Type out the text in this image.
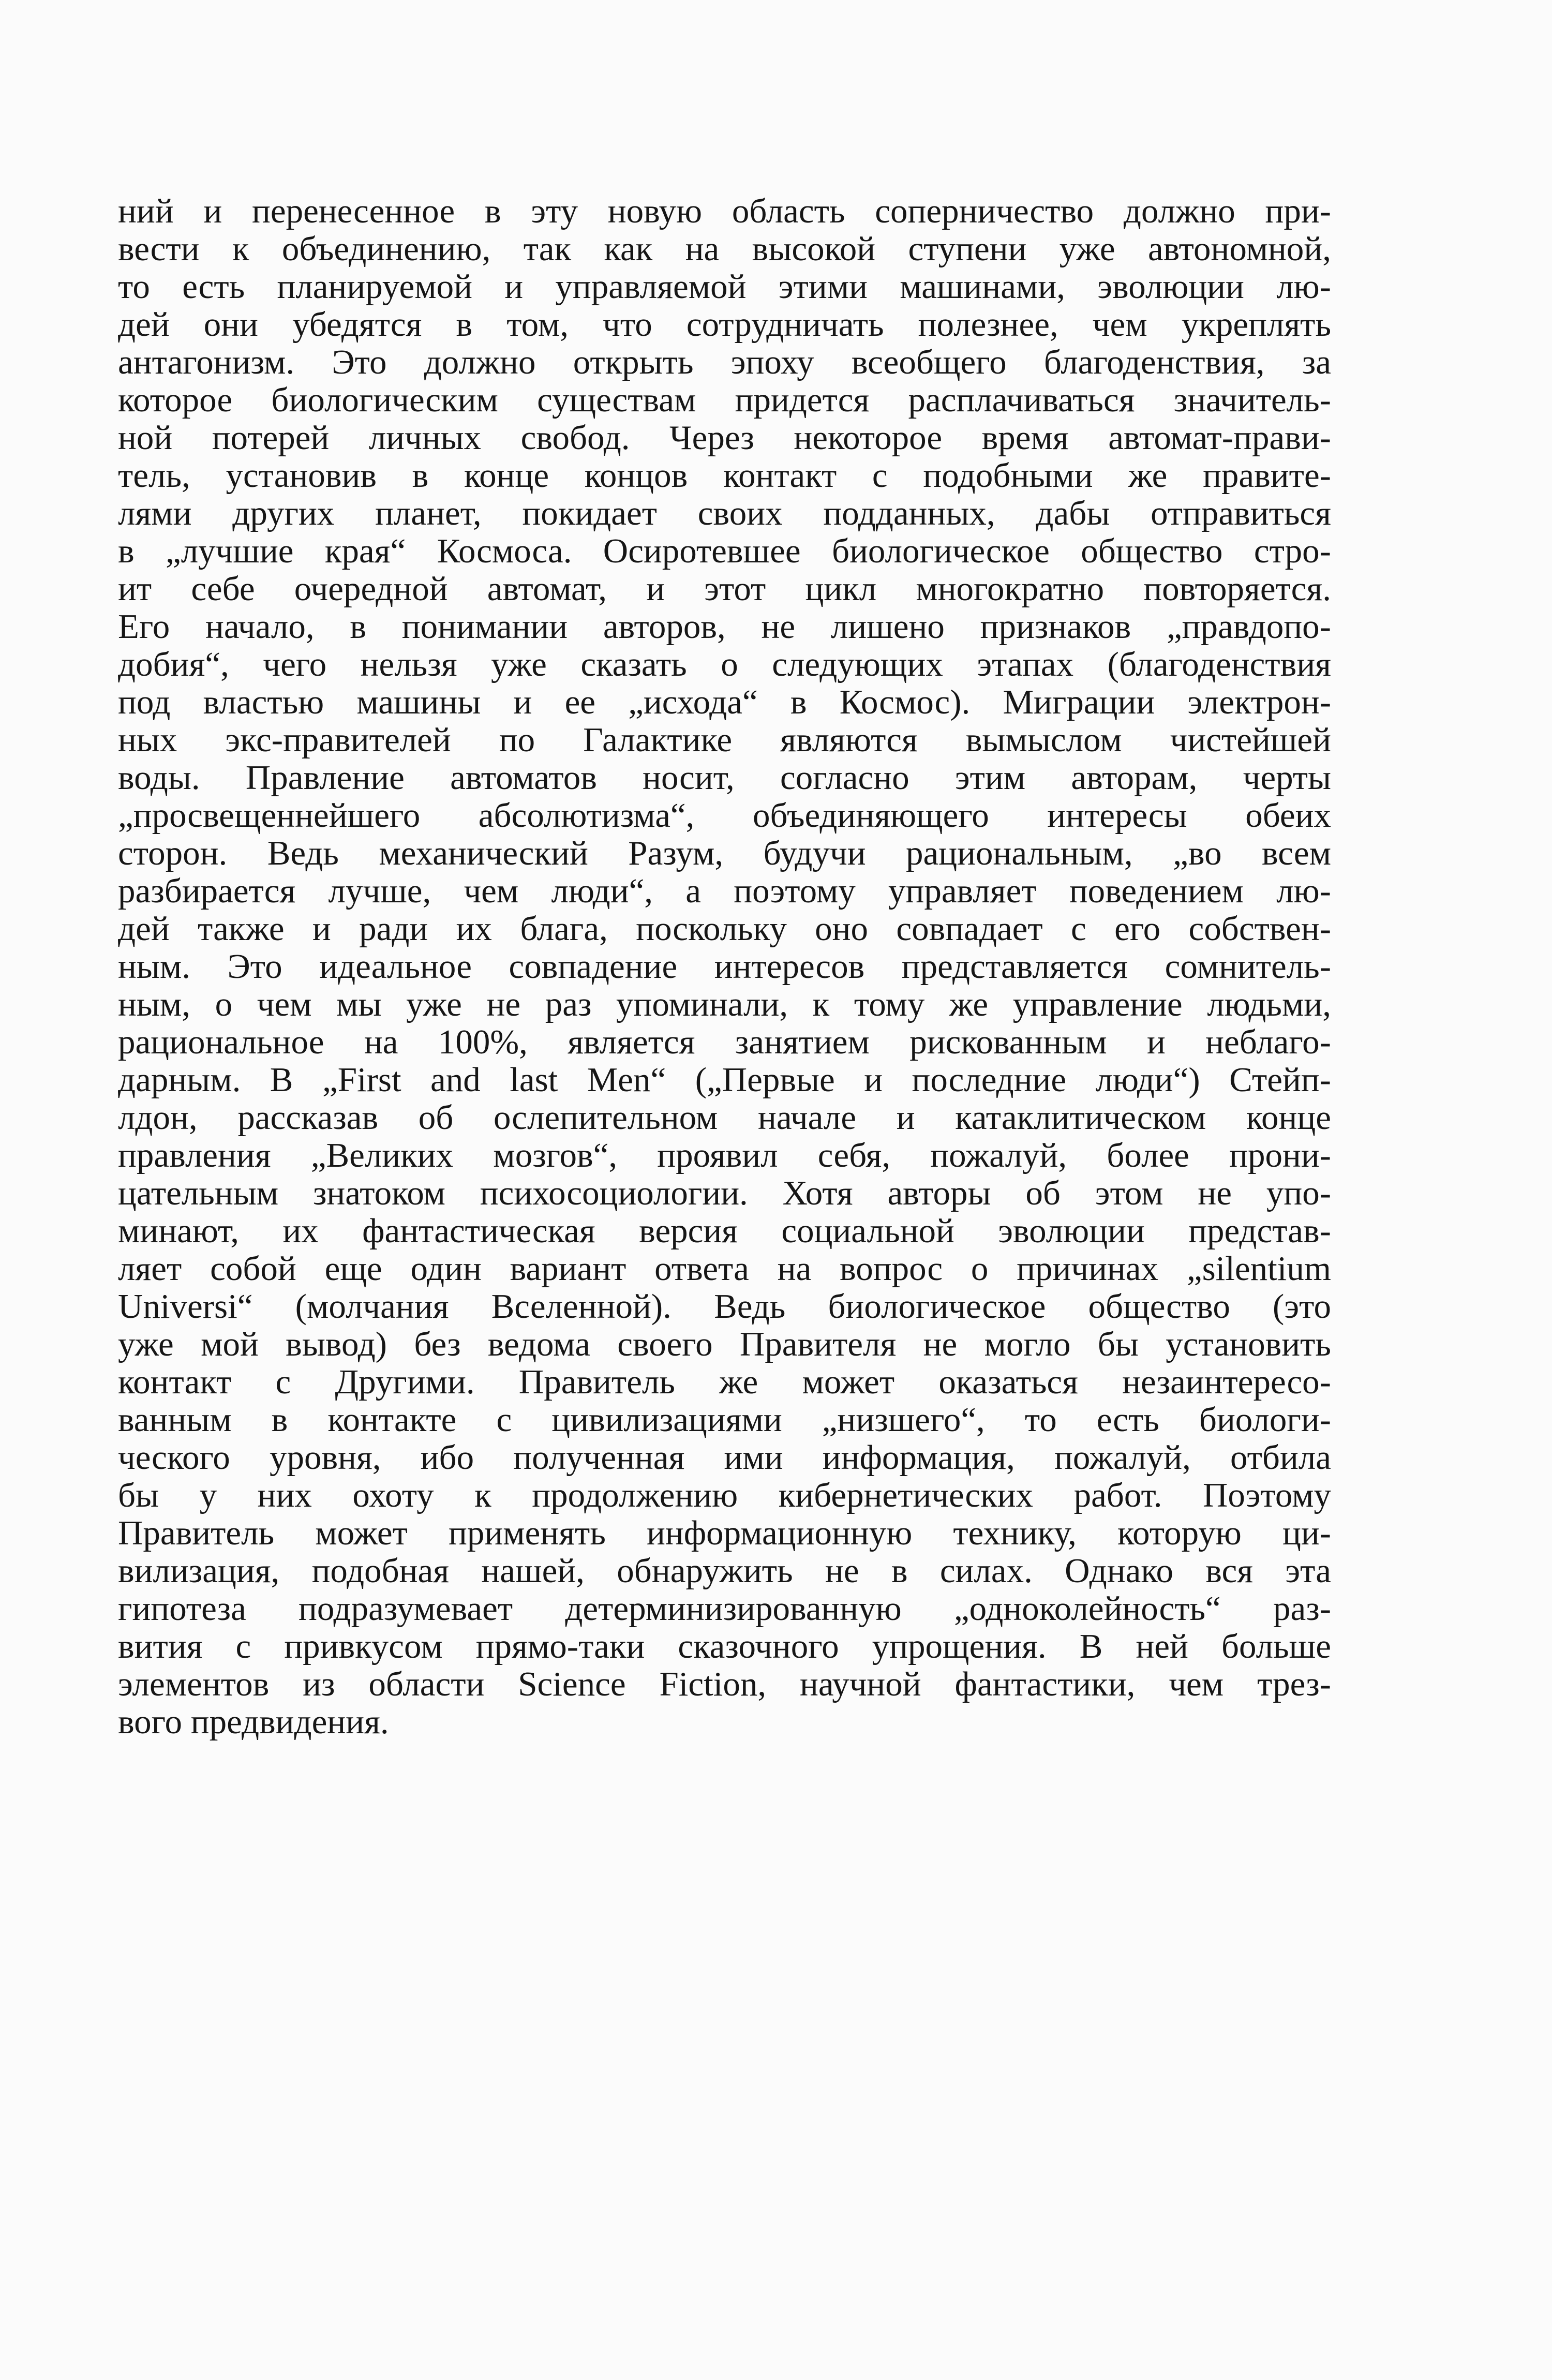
ний и перенесенное в эту новую область соперничество должно при-
вести к объединению, так как на высокой ступени уже автономной,
то есть планируемой и управляемой этими машинами, эволюции лю-
дей они убедятся в том, что сотрудничать полезнее, чем укреплять
антагонизм. Это должно открыть эпоху всеобщего благоденствия, за
которое биологическим существам придется расплачиваться значитель-
ной потерей личных свобод. Через некоторое время автомат-прави-
тель, установив в конце концов контакт с подобными же правите-
лями других планет, покидает своих подданных, дабы отправиться
в „лучшие края“ Космоса. Осиротевшее биологическое общество стро-
ит себе очередной автомат, и этот цикл многократно повторяется.
Его начало, в понимании авторов, не лишено признаков „правдопо-
добия“, чего нельзя уже сказать о следующих этапах (благоденствия
под властью машины и ее „исхода“ в Космос). Миграции электрон-
ных экс-правителей по Галактике являются вымыслом чистейшей
воды. Правление автоматов носит, согласно этим авторам, черты
„просвещеннейшего абсолютизма“, объединяющего интересы обеих
сторон. Ведь механический Разум, будучи рациональным, „во всем
разбирается лучше, чем люди“, а поэтому управляет поведением лю-
дей также и ради их блага, поскольку оно совпадает с его собствен-
ным. Это идеальное совпадение интересов представляется сомнитель-
ным, о чем мы уже не раз упоминали, к тому же управление людьми,
рациональное на 100%, является занятием рискованным и неблаго-
дарным. В „First and last Men“ („Первые и последние люди“) Стейп-
лдон, рассказав об ослепительном начале и катаклитическом конце
правления „Великих мозгов“, проявил себя, пожалуй, более прони-
цательным знатоком психосоциологии. Хотя авторы об этом не упо-
минают, их фантастическая версия социальной эволюции представ-
ляет собой еще один вариант ответа на вопрос о причинах „silentium
Universi“ (молчания Вселенной). Ведь биологическое общество (это
уже мой вывод) без ведома своего Правителя не могло бы установить
контакт с Другими. Правитель же может оказаться незаинтересо-
ванным в контакте с цивилизациями „низшего“, то есть биологи-
ческого уровня, ибо полученная ими информация, пожалуй, отбила
бы у них охоту к продолжению кибернетических работ. Поэтому
Правитель может применять информационную технику, которую ци-
вилизация, подобная нашей, обнаружить не в силах. Однако вся эта
гипотеза подразумевает детерминизированную „одноколейность“ раз-
вития с привкусом прямо-таки сказочного упрощения. В ней больше
элементов из области Science Fiction, научной фантастики, чем трез-
вого предвидения.
